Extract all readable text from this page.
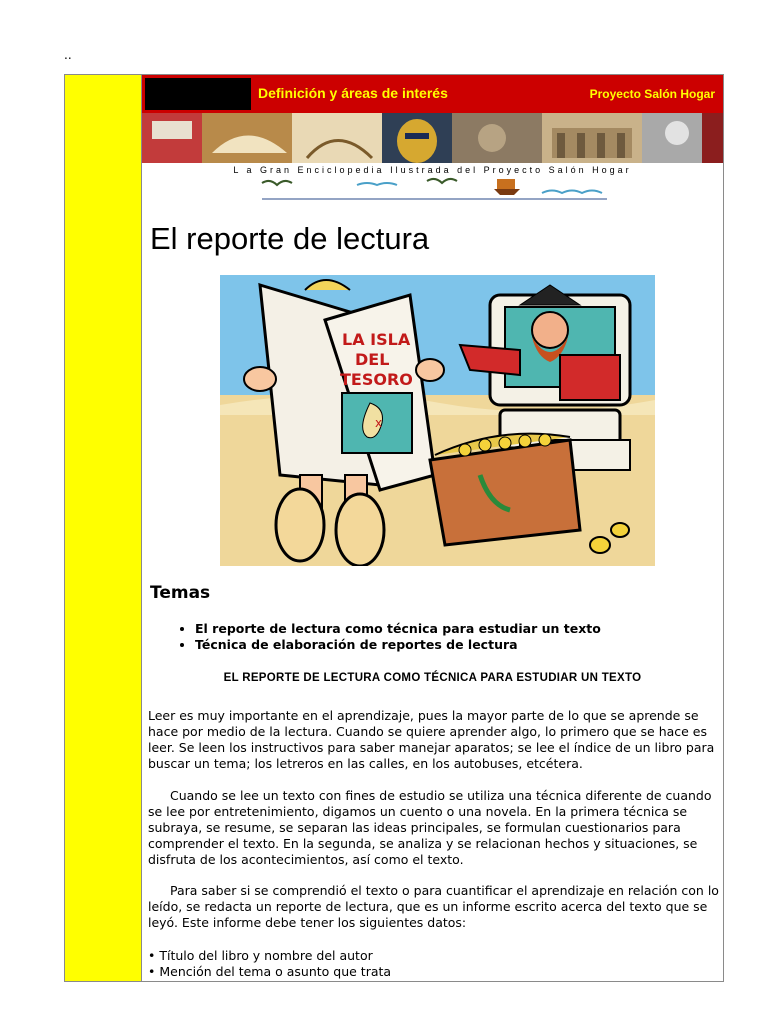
..
Definición y áreas de interés	Proyecto Salón Hogar
L a Gran Enciclopedia Ilustrada del Proyecto Salón Hogar
El reporte de lectura
LA ISLA
DEL
TESORO
x
Temas
• El reporte de lectura como técnica para estudiar un texto
• Técnica de elaboración de reportes de lectura
EL REPORTE DE LECTURA COMO TÉCNICA PARA ESTUDIAR UN TEXTO

Leer es muy importante en el aprendizaje, pues la mayor parte de lo que se aprende se hace por medio de la lectura. Cuando se quiere aprender algo, lo primero que se hace es leer. Se leen los instructivos para saber manejar aparatos; se lee el índice de un libro para buscar un tema; los letreros en las calles, en los autobuses, etcétera.

Cuando se lee un texto con fines de estudio se utiliza una técnica diferente de cuando se lee por entretenimiento, digamos un cuento o una novela. En la primera técnica se subraya, se resume, se separan las ideas principales, se formulan cuestionarios para comprender el texto. En la segunda, se analiza y se relacionan hechos y situaciones, se disfruta de los acontecimientos, así como el texto.

Para saber si se comprendió el texto o para cuantificar el aprendizaje en relación con lo leído, se redacta un reporte de lectura, que es un informe escrito acerca del texto que se leyó. Este informe debe tener los siguientes datos:

• Título del libro y nombre del autor

• Mención del tema o asunto que trata
